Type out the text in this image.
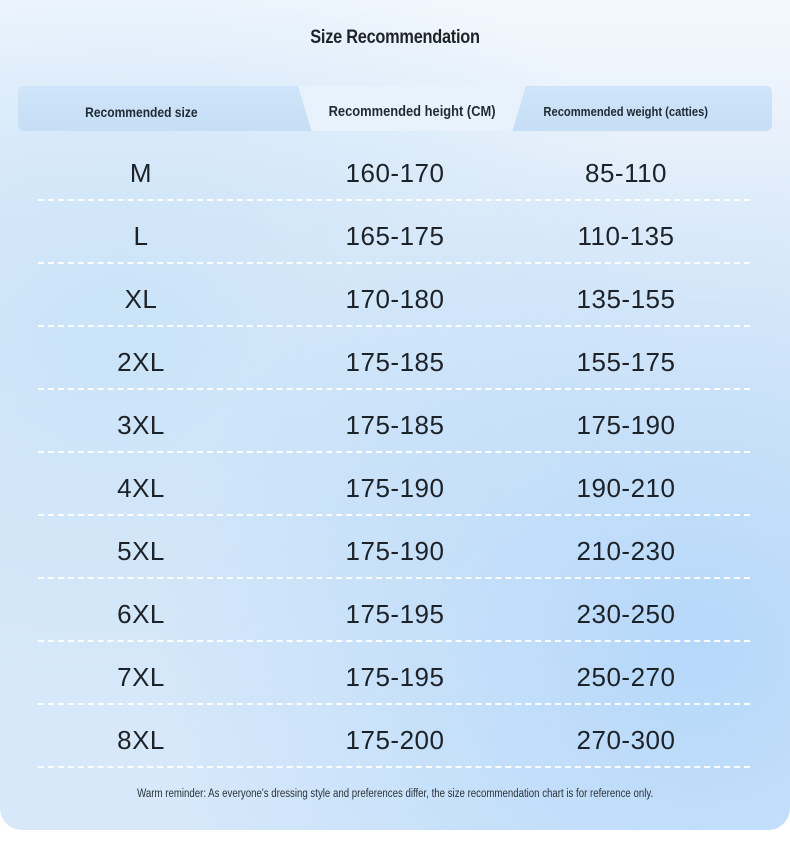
Size Recommendation
Recommended size	Recommended height (CM)	Recommended weight (catties)
M	160-170	85-110
L	165-175	110-135
XL	170-180	135-155
2XL	175-185	155-175
3XL	175-185	175-190
4XL	175-190	190-210
5XL	175-190	210-230
6XL	175-195	230-250
7XL	175-195	250-270
8XL	175-200	270-300
Warm reminder: As everyone's dressing style and preferences differ, the size recommendation chart is for reference only.
